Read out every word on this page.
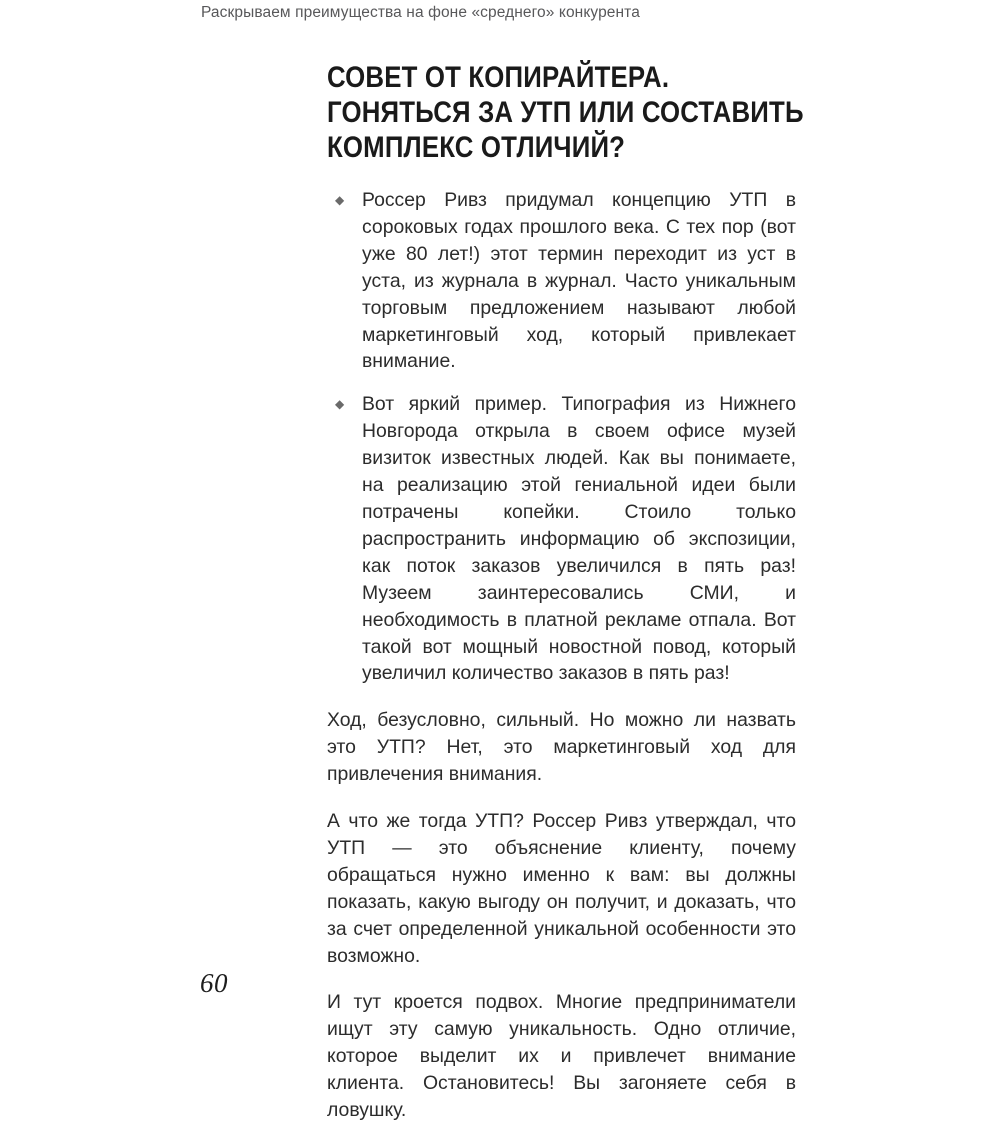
Раскрываем преимущества на фоне «среднего» конкурента
СОВЕТ ОТ КОПИРАЙТЕРА.
ГОНЯТЬСЯ ЗА УТП ИЛИ СОСТАВИТЬ
КОМПЛЕКС ОТЛИЧИЙ?
◆ Россер Ривз придумал концепцию УТП в сороковых годах прошлого века. С тех пор (вот уже 80 лет!) этот термин переходит из уст в уста, из журнала в журнал. Часто уникальным торговым предложением называют любой маркетинговый ход, который привлекает внимание.
◆ Вот яркий пример. Типография из Нижнего Новгорода открыла в своем офисе музей визиток известных людей. Как вы понимаете, на реализацию этой гениальной идеи были потрачены копейки. Стоило только распространить информацию об экспозиции, как поток заказов увеличился в пять раз! Музеем заинтересовались СМИ, и необходимость в платной рекламе отпала. Вот такой вот мощный новостной повод, который увеличил количество заказов в пять раз!

Ход, безусловно, сильный. Но можно ли назвать это УТП? Нет, это маркетинговый ход для привлечения внимания.

А что же тогда УТП? Россер Ривз утверждал, что УТП — это объяснение клиенту, почему обращаться нужно именно к вам: вы должны показать, какую выгоду он получит, и доказать, что за счет определенной уникальной особенности это возможно.

И тут кроется подвох. Многие предприниматели ищут эту самую уникальность. Одно отличие, которое выделит их и привлечет внимание клиента. Остановитесь! Вы загоняете себя в ловушку.

60
